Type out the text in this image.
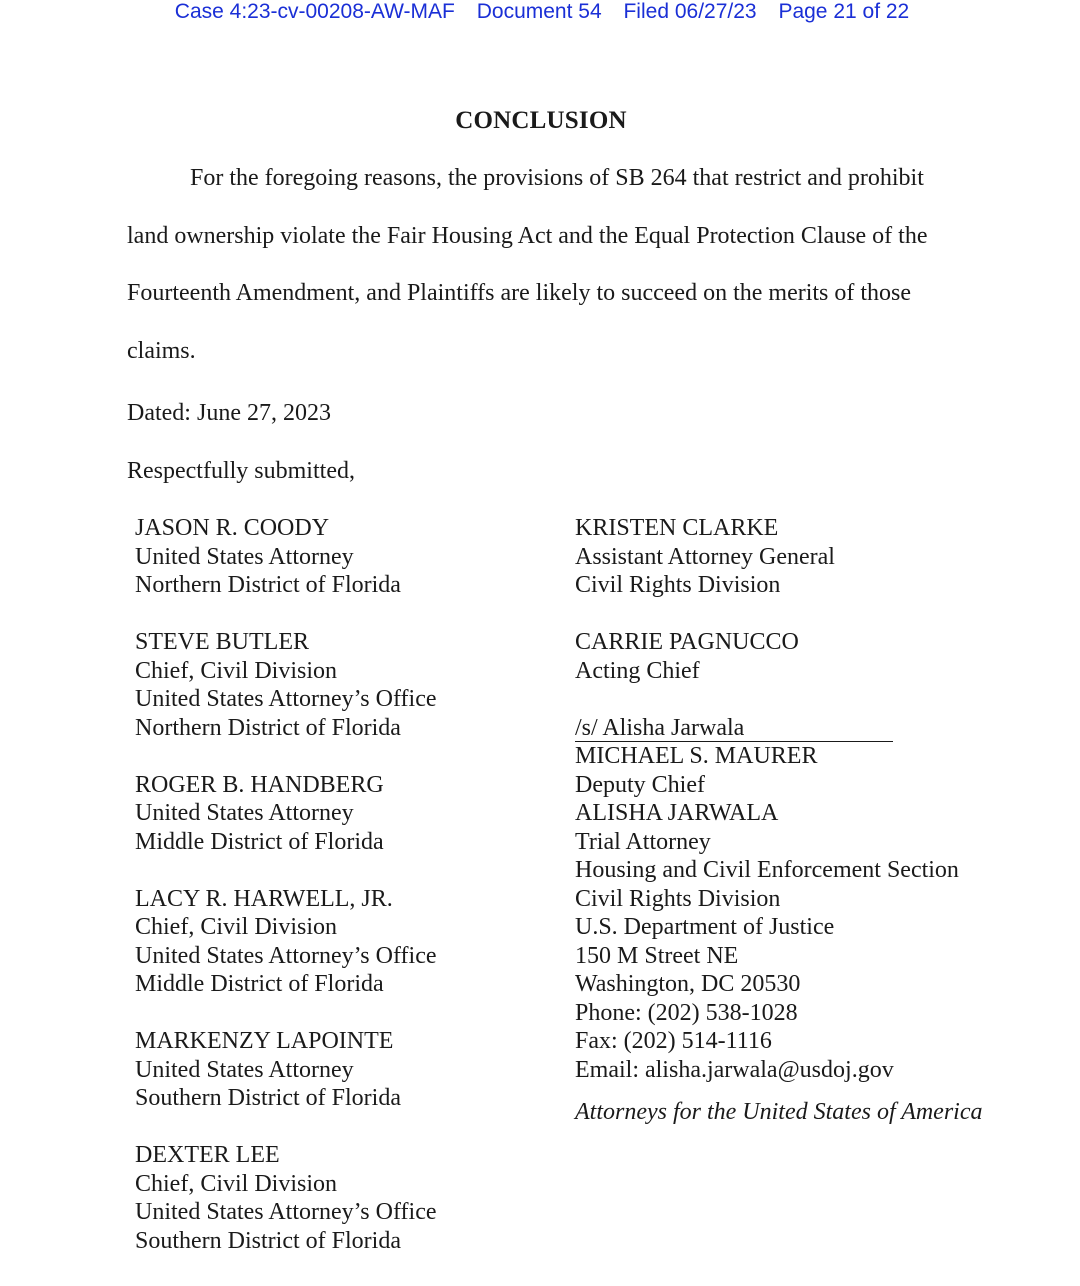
Case 4:23-cv-00208-AW-MAF Document 54 Filed 06/27/23 Page 21 of 22
CONCLUSION
For the foregoing reasons, the provisions of SB 264 that restrict and prohibit
land ownership violate the Fair Housing Act and the Equal Protection Clause of the
Fourteenth Amendment, and Plaintiffs are likely to succeed on the merits of those
claims.
Dated: June 27, 2023
Respectfully submitted,
JASON R. COODY
United States Attorney
Northern District of Florida
STEVE BUTLER
Chief, Civil Division
United States Attorney’s Office
Northern District of Florida
ROGER B. HANDBERG
United States Attorney
Middle District of Florida
LACY R. HARWELL, JR.
Chief, Civil Division
United States Attorney’s Office
Middle District of Florida
MARKENZY LAPOINTE
United States Attorney
Southern District of Florida
DEXTER LEE
Chief, Civil Division
United States Attorney’s Office
Southern District of Florida
KRISTEN CLARKE
Assistant Attorney General
Civil Rights Division
CARRIE PAGNUCCO
Acting Chief
/s/ Alisha Jarwala
MICHAEL S. MAURER
Deputy Chief
ALISHA JARWALA
Trial Attorney
Housing and Civil Enforcement Section
Civil Rights Division
U.S. Department of Justice
150 M Street NE
Washington, DC 20530
Phone: (202) 538-1028
Fax: (202) 514-1116
Email: alisha.jarwala@usdoj.gov
Attorneys for the United States of America
